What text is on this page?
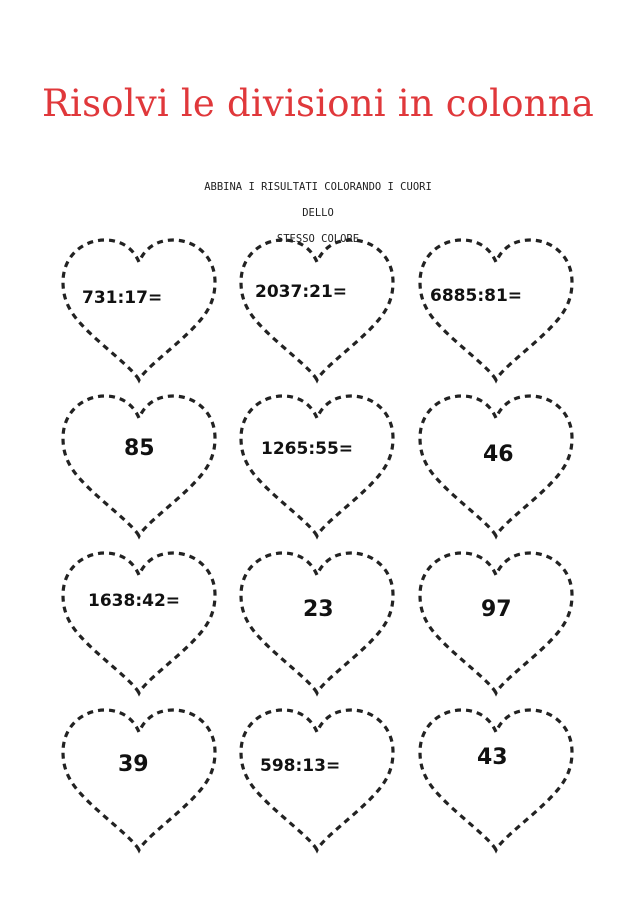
Risolvi le divisioni in colonna
ABBINA I RISULTATI COLORANDO I CUORI DELLO
STESSO COLORE
731:17=	2037:21=	6885:81=
85	1265:55=	46
1638:42=	23	97
39	598:13=	43
